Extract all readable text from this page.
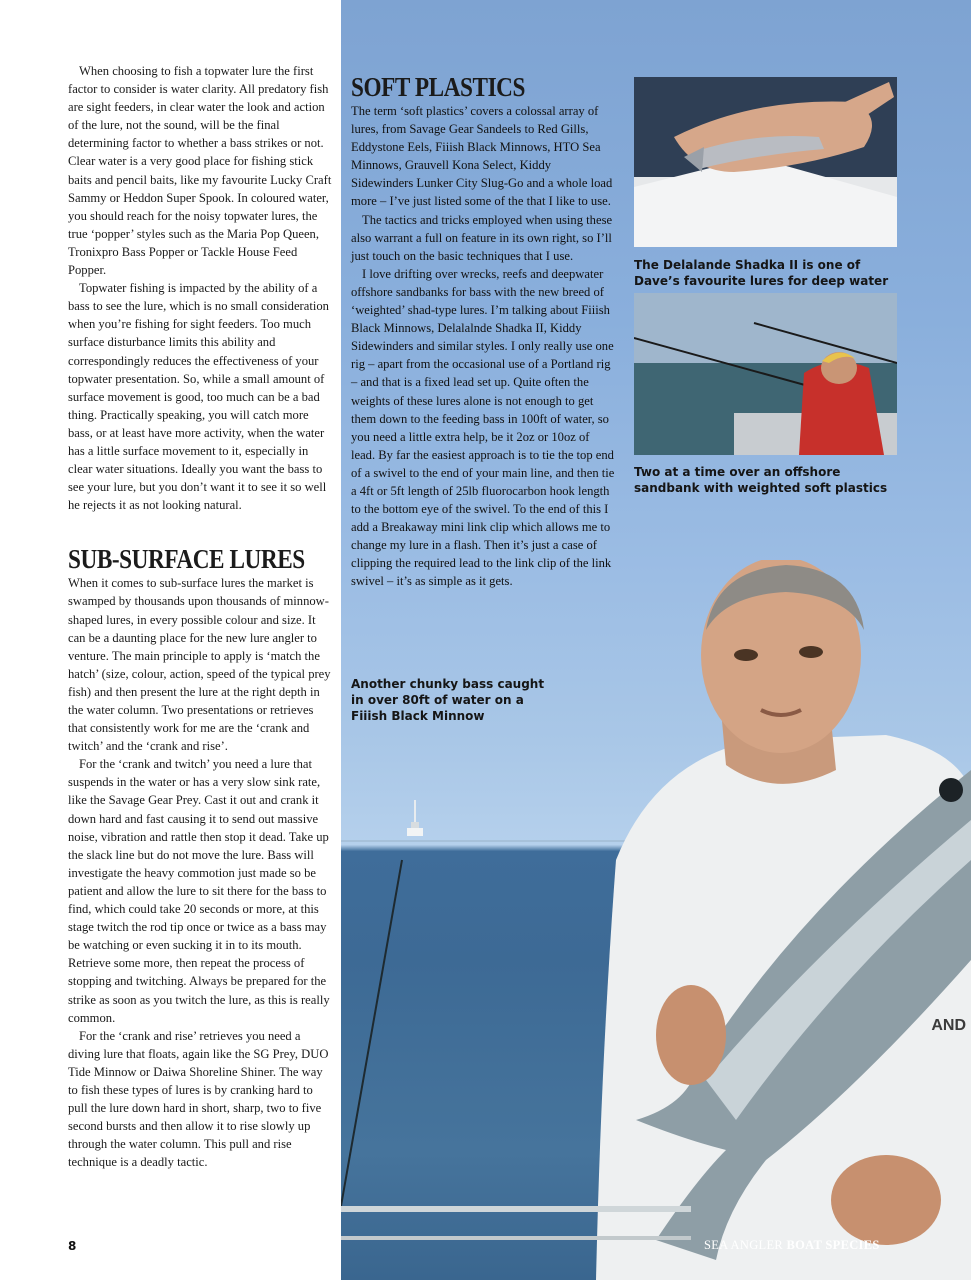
When choosing to fish a topwater lure the first factor to consider is water clarity. All predatory fish are sight feeders, in clear water the look and action of the lure, not the sound, will be the final determining factor to whether a bass strikes or not. Clear water is a very good place for fishing stick baits and pencil baits, like my favourite Lucky Craft Sammy or Heddon Super Spook. In coloured water, you should reach for the noisy topwater lures, the true ‘popper’ styles such as the Maria Pop Queen, Tronixpro Bass Popper or Tackle House Feed Popper.

Topwater fishing is impacted by the ability of a bass to see the lure, which is no small consideration when you’re fishing for sight feeders. Too much surface disturbance limits this ability and correspondingly reduces the effectiveness of your topwater presentation. So, while a small amount of surface movement is good, too much can be a bad thing. Practically speaking, you will catch more bass, or at least have more activity, when the water has a little surface movement to it, especially in clear water situations. Ideally you want the bass to see your lure, but you don’t want it to see it so well he rejects it as not looking natural.

SUB-SURFACE LURES

When it comes to sub-surface lures the market is swamped by thousands upon thousands of minnow-shaped lures, in every possible colour and size. It can be a daunting place for the new lure angler to venture. The main principle to apply is ‘match the hatch’ (size, colour, action, speed of the typical prey fish) and then present the lure at the right depth in the water column. Two presentations or retrieves that consistently work for me are the ‘crank and twitch’ and the ‘crank and rise’.

For the ‘crank and twitch’ you need a lure that suspends in the water or has a very slow sink rate, like the Savage Gear Prey. Cast it out and crank it down hard and fast causing it to send out massive noise, vibration and rattle then stop it dead. Take up the slack line but do not move the lure. Bass will investigate the heavy commotion just made so be patient and allow the lure to sit there for the bass to find, which could take 20 seconds or more, at this stage twitch the rod tip once or twice as a bass may be watching or even sucking it in to its mouth. Retrieve some more, then repeat the process of stopping and twitching. Always be prepared for the strike as soon as you twitch the lure, as this is really common.

For the ‘crank and rise’ retrieves you need a diving lure that floats, again like the SG Prey, DUO Tide Minnow or Daiwa Shoreline Shiner. The way to fish these types of lures is by cranking hard to pull the lure down hard in short, sharp, two to five second bursts and then allow it to rise slowly up through the water column. This pull and rise technique is a deadly tactic.

AND
The Delalande Shadka II is one of Dave’s favourite lures for deep water
Two at a time over an offshore sandbank with weighted soft plastics
SOFT PLASTICS

The term ‘soft plastics’ covers a colossal array of lures, from Savage Gear Sandeels to Red Gills, Eddystone Eels, Fiiish Black Minnows, HTO Sea Minnows, Grauvell Kona Select, Kiddy Sidewinders Lunker City Slug-Go and a whole load more – I’ve just listed some of the that I like to use.

The tactics and tricks employed when using these also warrant a full on feature in its own right, so I’ll just touch on the basic techniques that I use.

I love drifting over wrecks, reefs and deepwater offshore sandbanks for bass with the new breed of ‘weighted’ shad-type lures. I’m talking about Fiiish Black Minnows, Delalalnde Shadka II, Kiddy Sidewinders and similar styles. I only really use one rig – apart from the occasional use of a Portland rig – and that is a fixed lead set up. Quite often the weights of these lures alone is not enough to get them down to the feeding bass in 100ft of water, so you need a little extra help, be it 2oz or 10oz of lead. By far the easiest approach is to tie the top end of a swivel to the end of your main line, and then tie a 4ft or 5ft length of 25lb fluorocarbon hook length to the bottom eye of the swivel. To the end of this I add a Breakaway mini link clip which allows me to change my lure in a flash. Then it’s just a case of clipping the required lead to the link clip of the link swivel – it’s as simple as it gets.

Another chunky bass caught in over 80ft of water on a Fiiish Black Minnow
8	SEA ANGLER BOAT SPECIES
